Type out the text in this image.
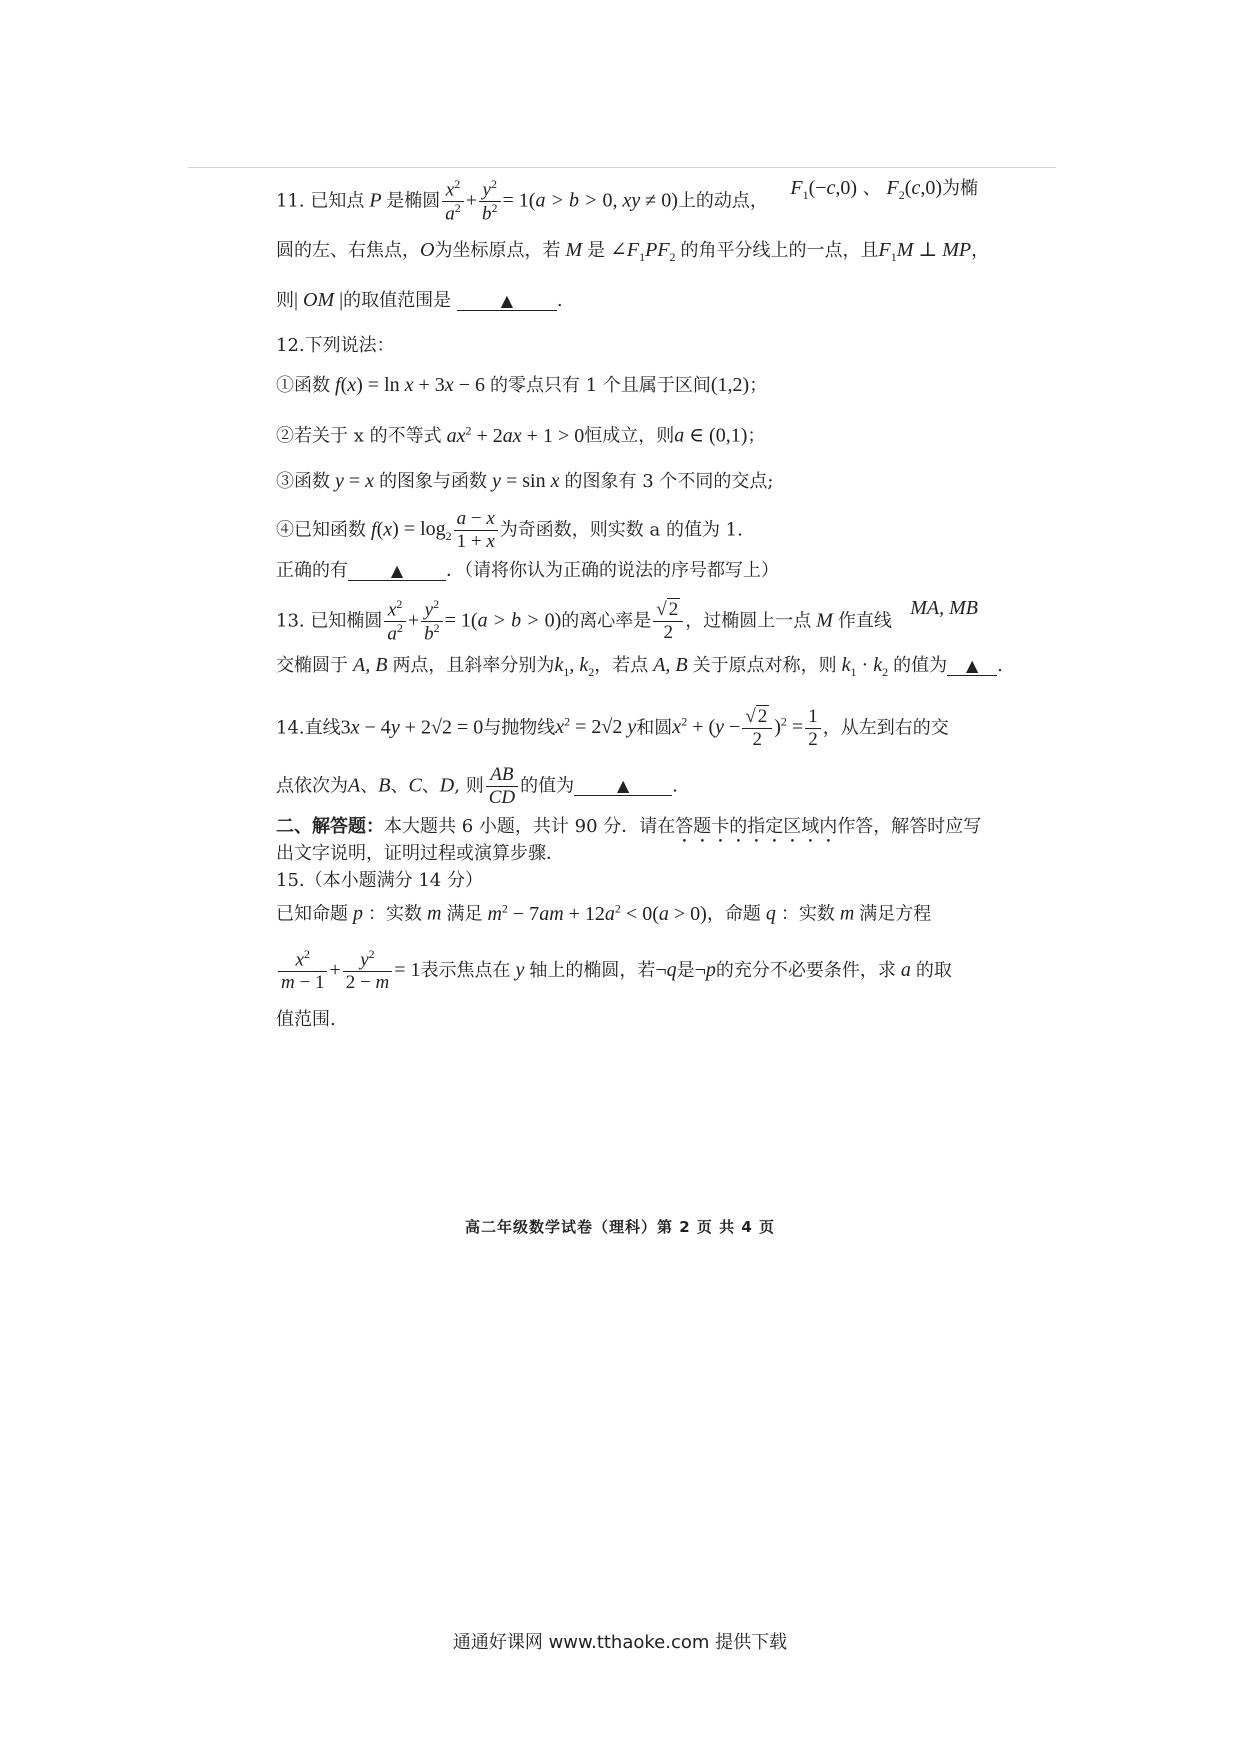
11. 已知点 P 是椭圆 $\frac{x^2}{a^2} + \frac{y^2}{b^2} = 1(a > b > 0$, xy ≠ 0)上的动点，
$F_1(-c,0)$ 、 $F_2(c,0)$为椭
圆的左、右焦点，O为坐标原点，若 M 是 $\angle F_1PF_2$ 的角平分线上的一点，且$F_1M$ ⊥ MP，
则| OM |的取值范围是	▲ .
12.下列说法：
①函数 f(x) = ln x + 3x − 6 的零点只有 1 个且属于区间(1,2)；
②若关于 x 的不等式 $ax^2 + 2ax + 1 > 0$恒成立，则a ∈ (0,1)；
③函数 y = x 的图象与函数 y = sin x 的图象有 3 个不同的交点;
④已知函数 $f(x) = \log_2 \frac{a - x}{1 + x}$ 为奇函数，则实数 a 的值为 1.
正确的有	▲ ．（请将你认为正确的说法的序号都写上）
13. 已知椭圆 $\frac{x^2}{a^2} + \frac{y^2}{b^2} = 1(a > b > 0)$的离心率是 $\frac{√ 2}{2}$ ，过椭圆上一点 M 作直线
MA, MB
交椭圆于 A, B 两点，且斜率分别为$k_1$, $k_2$，若点 A, B 关于原点对称，则 $k_1 \cdot k_2$ 的值为 ▲ .
14.直线3x − 4y + 2√2 = 0与抛物线$x^2 = 2√2$ y和圆$x^2 + (y - \frac{√ 2}{2} )^2 = \frac{1}{2}$ ，从左到右的交
点依次为A、B、C、D, 则 $\frac{AB}{CD}$ 的值为	▲ .
二、解答题：本大题共 6 小题，共计 90 分．请在答题卡的指定区域内作答，解答时应写
出文字说明，证明过程或演算步骤．
15.（本小题满分 14 分）
已知命题 p ：实数 m 满足 $m^2 - 7am + 12a^2 < 0(a > 0)$，命题 q ：实数 m 满足方程
$\frac{x^2}{m - 1} + \frac{y^2}{2 - m} = 1$表示焦点在 y 轴上的椭圆，若¬q是¬p的充分不必要条件，求 a 的取
值范围.
高二年级数学试卷（理科）第 2 页 共 4 页
通通好课网 www.tthaoke.com 提供下载
